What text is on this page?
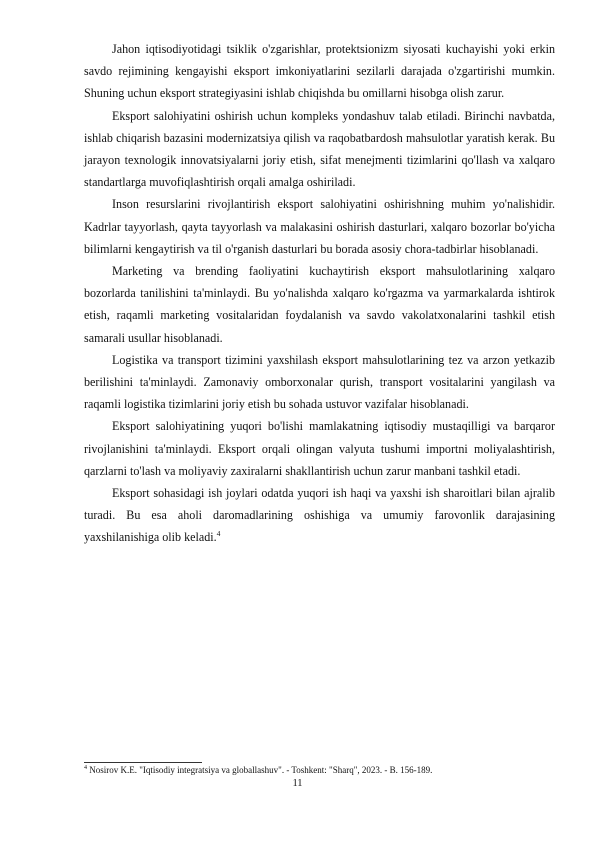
Jahon iqtisodiyotidagi tsiklik o'zgarishlar, protektsionizm siyosati kuchayishi yoki erkin savdo rejimining kengayishi eksport imkoniyatlarini sezilarli darajada o'zgartirishi mumkin. Shuning uchun eksport strategiyasini ishlab chiqishda bu omillarni hisobga olish zarur.

Eksport salohiyatini oshirish uchun kompleks yondashuv talab etiladi. Birinchi navbatda, ishlab chiqarish bazasini modernizatsiya qilish va raqobatbardosh mahsulotlar yaratish kerak. Bu jarayon texnologik innovatsiyalarni joriy etish, sifat menejmenti tizimlarini qo'llash va xalqaro standartlarga muvofiqlashtirish orqali amalga oshiriladi.

Inson resurslarini rivojlantirish eksport salohiyatini oshirishning muhim yo'nalishidir. Kadrlar tayyorlash, qayta tayyorlash va malakasini oshirish dasturlari, xalqaro bozorlar bo'yicha bilimlarni kengaytirish va til o'rganish dasturlari bu borada asosiy chora-tadbirlar hisoblanadi.

Marketing va brending faoliyatini kuchaytirish eksport mahsulotlarining xalqaro bozorlarda tanilishini ta'minlaydi. Bu yo'nalishda xalqaro ko'rgazma va yarmarkalarda ishtirok etish, raqamli marketing vositalaridan foydalanish va savdo vakolatxonalarini tashkil etish samarali usullar hisoblanadi.

Logistika va transport tizimini yaxshilash eksport mahsulotlarining tez va arzon yetkazib berilishini ta'minlaydi. Zamonaviy omborxonalar qurish, transport vositalarini yangilash va raqamli logistika tizimlarini joriy etish bu sohada ustuvor vazifalar hisoblanadi.

Eksport salohiyatining yuqori bo'lishi mamlakatning iqtisodiy mustaqilligi va barqaror rivojlanishini ta'minlaydi. Eksport orqali olingan valyuta tushumi importni moliyalashtirish, qarzlarni to'lash va moliyaviy zaxiralarni shakllantirish uchun zarur manbani tashkil etadi.

Eksport sohasidagi ish joylari odatda yuqori ish haqi va yaxshi ish sharoitlari bilan ajralib turadi. Bu esa aholi daromadlarining oshishiga va umumiy farovonlik darajasining yaxshilanishiga olib keladi.$^4$

$^4$ Nosirov K.E. "Iqtisodiy integratsiya va globallashuv". - Toshkent: "Sharq", 2023. - B. 156-189.

11
